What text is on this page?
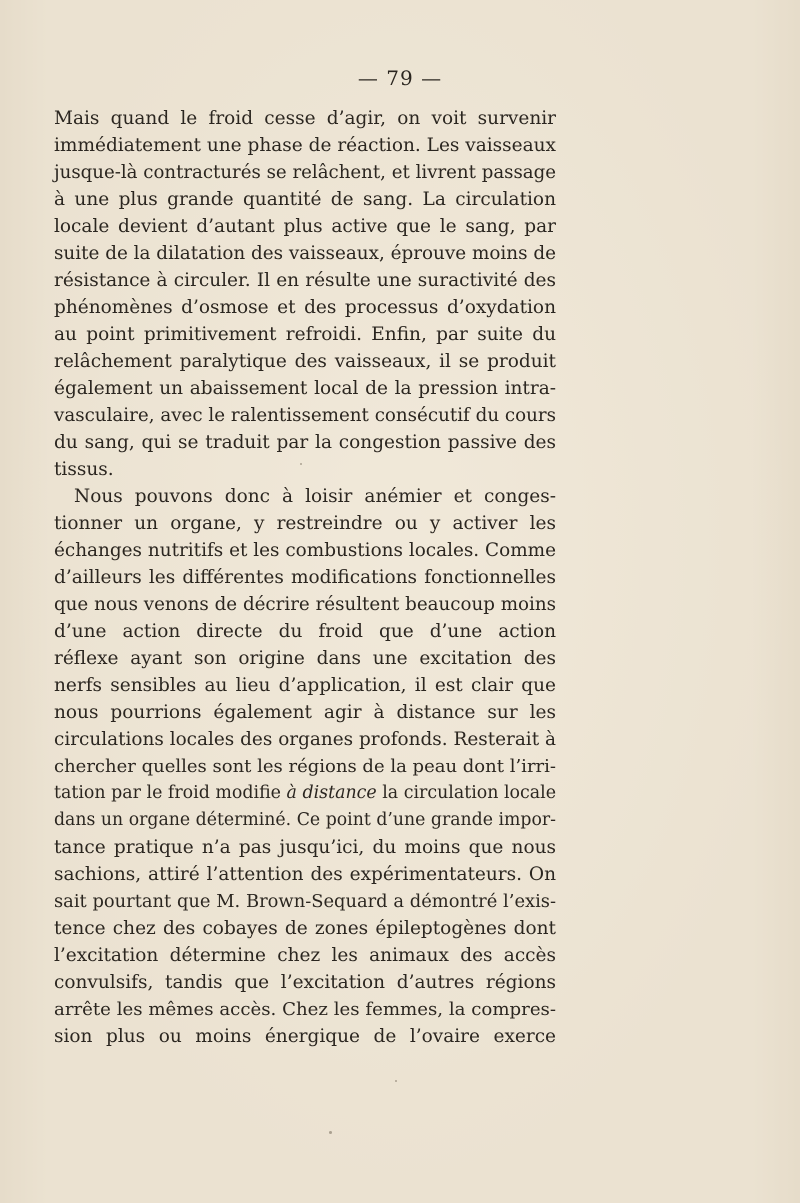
— 79 —
Mais quand le froid cesse d’agir, on voit survenir
immédiatement une phase de réaction. Les vaisseaux
jusque-là contracturés se relâchent, et livrent passage
à une plus grande quantité de sang. La circulation
locale devient d’autant plus active que le sang, par
suite de la dilatation des vaisseaux, éprouve moins de
résistance à circuler. Il en résulte une suractivité des
phénomènes d’osmose et des processus d’oxydation
au point primitivement refroidi. Enfin, par suite du
relâchement paralytique des vaisseaux, il se produit
également un abaissement local de la pression intra-
vasculaire, avec le ralentissement consécutif du cours
du sang, qui se traduit par la congestion passive des
tissus.
Nous pouvons donc à loisir anémier et conges-
tionner un organe, y restreindre ou y activer les
échanges nutritifs et les combustions locales. Comme
d’ailleurs les différentes modifications fonctionnelles
que nous venons de décrire résultent beaucoup moins
d’une action directe du froid que d’une action
réflexe ayant son origine dans une excitation des
nerfs sensibles au lieu d’application, il est clair que
nous pourrions également agir à distance sur les
circulations locales des organes profonds. Resterait à
chercher quelles sont les régions de la peau dont l’irri-
tation par le froid modifie à distance la circulation locale
dans un organe déterminé. Ce point d’une grande impor-
tance pratique n’a pas jusqu’ici, du moins que nous
sachions, attiré l’attention des expérimentateurs. On
sait pourtant que M. Brown-Sequard a démontré l’exis-
tence chez des cobayes de zones épileptogènes dont
l’excitation détermine chez les animaux des accès
convulsifs, tandis que l’excitation d’autres régions
arrête les mêmes accès. Chez les femmes, la compres-
sion plus ou moins énergique de l’ovaire exerce
